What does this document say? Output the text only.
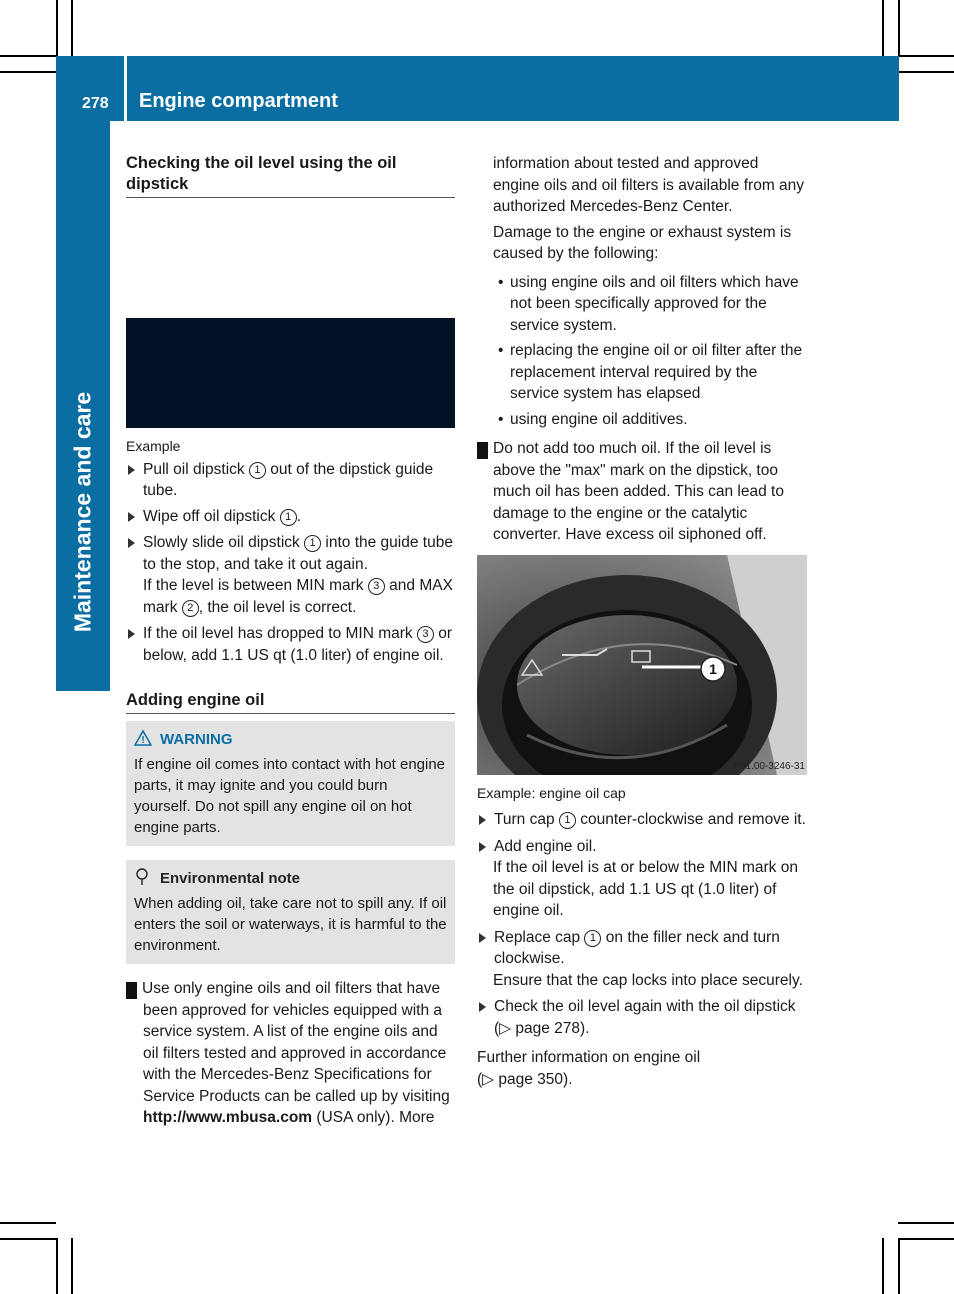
278 Engine compartment
Maintenance and care
Checking the oil level using the oil dipstick
Example
Pull oil dipstick 1 out of the dipstick guide tube.
Wipe off oil dipstick 1 .
Slowly slide oil dipstick 1 into the guide tube to the stop, and take it out again.
If the level is between MIN mark 3 and MAX mark 2 , the oil level is correct.
If the oil level has dropped to MIN mark 3 or below, add 1.1 US qt (1.0 liter) of engine oil.
Adding engine oil
! WARNING
If engine oil comes into contact with hot engine parts, it may ignite and you could burn yourself. Do not spill any engine oil on hot engine parts.
Environmental note
When adding oil, take care not to spill any. If oil enters the soil or waterways, it is harmful to the environment.
! Use only engine oils and oil filters that have been approved for vehicles equipped with a service system. A list of the engine oils and oil filters tested and approved in accordance with the Mercedes-Benz Specifications for Service Products can be called up by visiting http://www.mbusa.com (USA only). More
information about tested and approved engine oils and oil filters is available from any authorized Mercedes-Benz Center.
Damage to the engine or exhaust system is caused by the following:
• using engine oils and oil filters which have not been specifically approved for the service system.
• replacing the engine oil or oil filter after the replacement interval required by the service system has elapsed
• using engine oil additives.
! Do not add too much oil. If the oil level is above the "max" mark on the dipstick, too much oil has been added. This can lead to damage to the engine or the catalytic converter. Have excess oil siphoned off.
1
P01.00-3246-31
Example: engine oil cap
Turn cap 1 counter-clockwise and remove it.
Add engine oil.
If the oil level is at or below the MIN mark on the oil dipstick, add 1.1 US qt (1.0 liter) of engine oil.
Replace cap 1 on the filler neck and turn clockwise.
Ensure that the cap locks into place securely.
Check the oil level again with the oil dipstick (▷ page 278).
Further information on engine oil
(▷ page 350).
